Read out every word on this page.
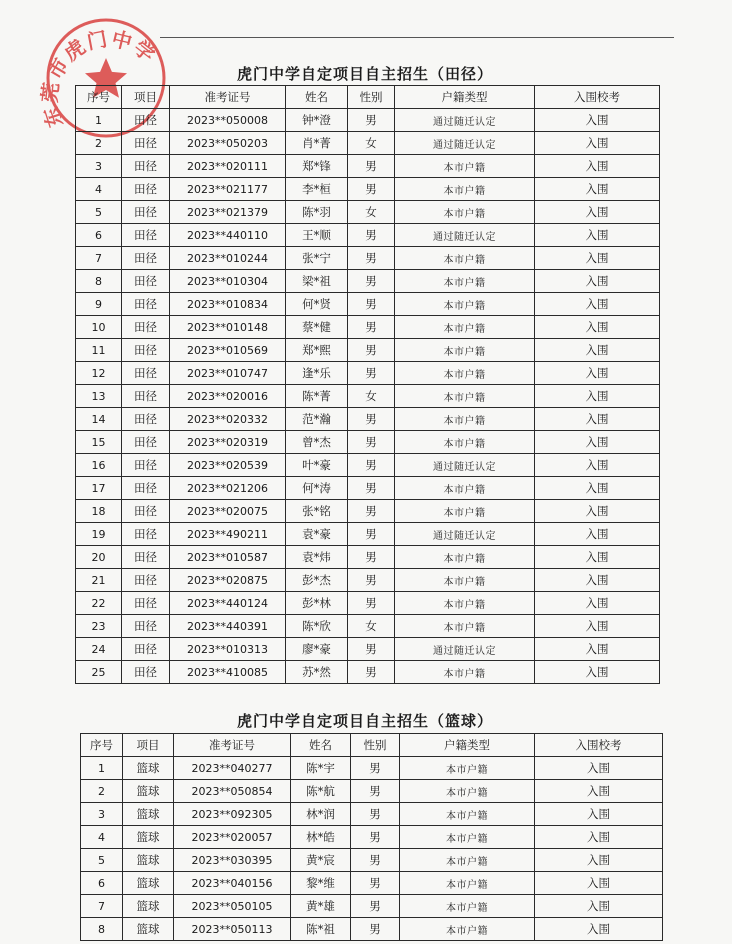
东莞市虎门中学
虎门中学自定项目自主招生（田径）
序号	项目	准考证号	姓名	性别	户籍类型	入围校考
1	田径	2023**050008	钟*澄	男	通过随迁认定	入围
2	田径	2023**050203	肖*菁	女	通过随迁认定	入围
3	田径	2023**020111	郑*锋	男	本市户籍	入围
4	田径	2023**021177	李*桓	男	本市户籍	入围
5	田径	2023**021379	陈*羽	女	本市户籍	入围
6	田径	2023**440110	王*顺	男	通过随迁认定	入围
7	田径	2023**010244	张*宁	男	本市户籍	入围
8	田径	2023**010304	梁*祖	男	本市户籍	入围
9	田径	2023**010834	何*贤	男	本市户籍	入围
10	田径	2023**010148	蔡*健	男	本市户籍	入围
11	田径	2023**010569	郑*熙	男	本市户籍	入围
12	田径	2023**010747	逢*乐	男	本市户籍	入围
13	田径	2023**020016	陈*菁	女	本市户籍	入围
14	田径	2023**020332	范*瀚	男	本市户籍	入围
15	田径	2023**020319	曾*杰	男	本市户籍	入围
16	田径	2023**020539	叶*豪	男	通过随迁认定	入围
17	田径	2023**021206	何*涛	男	本市户籍	入围
18	田径	2023**020075	张*铭	男	本市户籍	入围
19	田径	2023**490211	袁*豪	男	通过随迁认定	入围
20	田径	2023**010587	袁*炜	男	本市户籍	入围
21	田径	2023**020875	彭*杰	男	本市户籍	入围
22	田径	2023**440124	彭*林	男	本市户籍	入围
23	田径	2023**440391	陈*欣	女	本市户籍	入围
24	田径	2023**010313	廖*豪	男	通过随迁认定	入围
25	田径	2023**410085	苏*然	男	本市户籍	入围
虎门中学自定项目自主招生（篮球）
序号	项目	准考证号	姓名	性别	户籍类型	入围校考
1	篮球	2023**040277	陈*宇	男	本市户籍	入围
2	篮球	2023**050854	陈*航	男	本市户籍	入围
3	篮球	2023**092305	林*润	男	本市户籍	入围
4	篮球	2023**020057	林*皓	男	本市户籍	入围
5	篮球	2023**030395	黄*宸	男	本市户籍	入围
6	篮球	2023**040156	黎*维	男	本市户籍	入围
7	篮球	2023**050105	黄*雄	男	本市户籍	入围
8	篮球	2023**050113	陈*祖	男	本市户籍	入围
